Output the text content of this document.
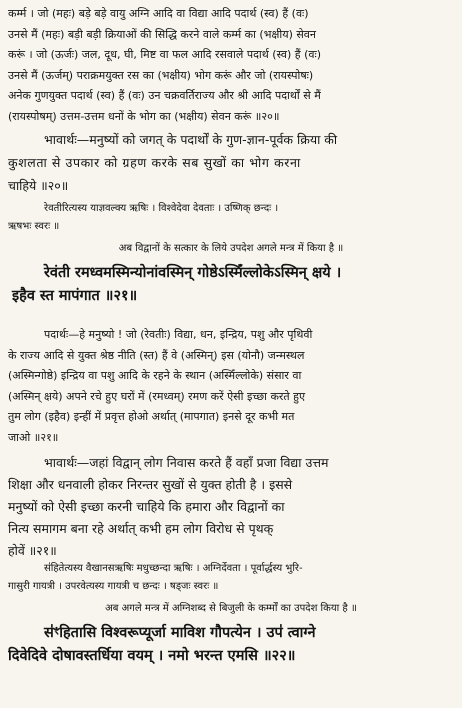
कर्म्म । जो (महः) बड़े बड़े वायु अग्नि आदि वा विद्या आदि पदार्थ (स्व) हैं (वः)
उनसे मैं (महः) बड़ी बड़ी क्रियाओं की सिद्धि करने वाले कर्म्म का (भक्षीय) सेवन
करूं । जो (ऊर्जः) जल, दूध, घी, मिष्ट वा फल आदि रसवाले पदार्थ (स्व) हैं (वः)
उनसे मैं (ऊर्जम्) पराक्रमयुक्त रस का (भक्षीय) भोग करूं और जो (रायस्पोषः)
अनेक गुणयुक्त पदार्थ (स्व) हैं (वः) उन चक्रवर्तिराज्य और श्री आदि पदार्थों से मैं
(रायस्पोषम्) उत्तम-उत्तम धनों के भोग का (भक्षीय) सेवन करूं ॥२०॥
भावार्थः—मनुष्यों को जगत् के पदार्थों के गुण-ज्ञान-पूर्वक क्रिया की
कुशलता से उपकार को ग्रहण करके सब सुखों का भोग करना
चाहिये ॥२०॥
रेवतीरित्यस्य याज्ञवल्क्य ऋषिः । विश्वेदेवा देवताः । उष्णिक् छन्दः ।
ऋषभः स्वरः ॥
अब विद्वानों के सत्कार के लिये उपदेश अगले मन्त्र में किया है ॥
रेवंती रमध्वमस्मिन्योनांवस्मिन् गोष्ठेऽस्मिँल्लोकेऽस्मिन् क्षये ।
इहैव स्त मापंगात ॥२१॥
पदार्थः—हे मनुष्यो ! जो (रेवतीः) विद्या, धन, इन्द्रिय, पशु और पृथिवी
के राज्य आदि से युक्त श्रेष्ठ नीति (स्त) हैं वे (अस्मिन्) इस (योनौ) जन्मस्थल
(अस्मिन्गोष्ठे) इन्द्रिय वा पशु आदि के रहने के स्थान (अस्मिँल्लोके) संसार वा
(अस्मिन् क्षये) अपने रचे हुए घरों में (रमध्वम्) रमण करें ऐसी इच्छा करते हुए
तुम लोग (इहैव) इन्हीं में प्रवृत्त होओ अर्थात् (मापगात) इनसे दूर कभी मत
जाओ ॥२१॥
भावार्थः—जहां विद्वान् लोग निवास करते हैं वहाँ प्रजा विद्या उत्तम
शिक्षा और धनवाली होकर निरन्तर सुखों से युक्त होती है । इससे
मनुष्यों को ऐसी इच्छा करनी चाहिये कि हमारा और विद्वानों का
नित्य समागम बना रहे अर्थात् कभी हम लोग विरोध से पृथक्
होवें ॥२१॥
स॑हितेत्यस्य वैखानसऋषिः मधुच्छन्दा ऋषिः । अग्निर्देवता । पूर्वार्द्धस्य भुरि-
गासुरी गायत्री । उपरवेत्यस्य गायत्री च छन्दः । षड्जः स्वरः ॥
अब अगले मन्त्र में अग्निशब्द से बिजुली के कर्म्मों का उपदेश किया है ॥
स॑ꣳहितासि विश्वरूप्यूर्जा माविश गौपत्येन । उप॑ त्वाग्ने
दिवेदिवे दोषावस्तर्धिया वयम् । नमो भरन्त एमसि ॥२२॥
